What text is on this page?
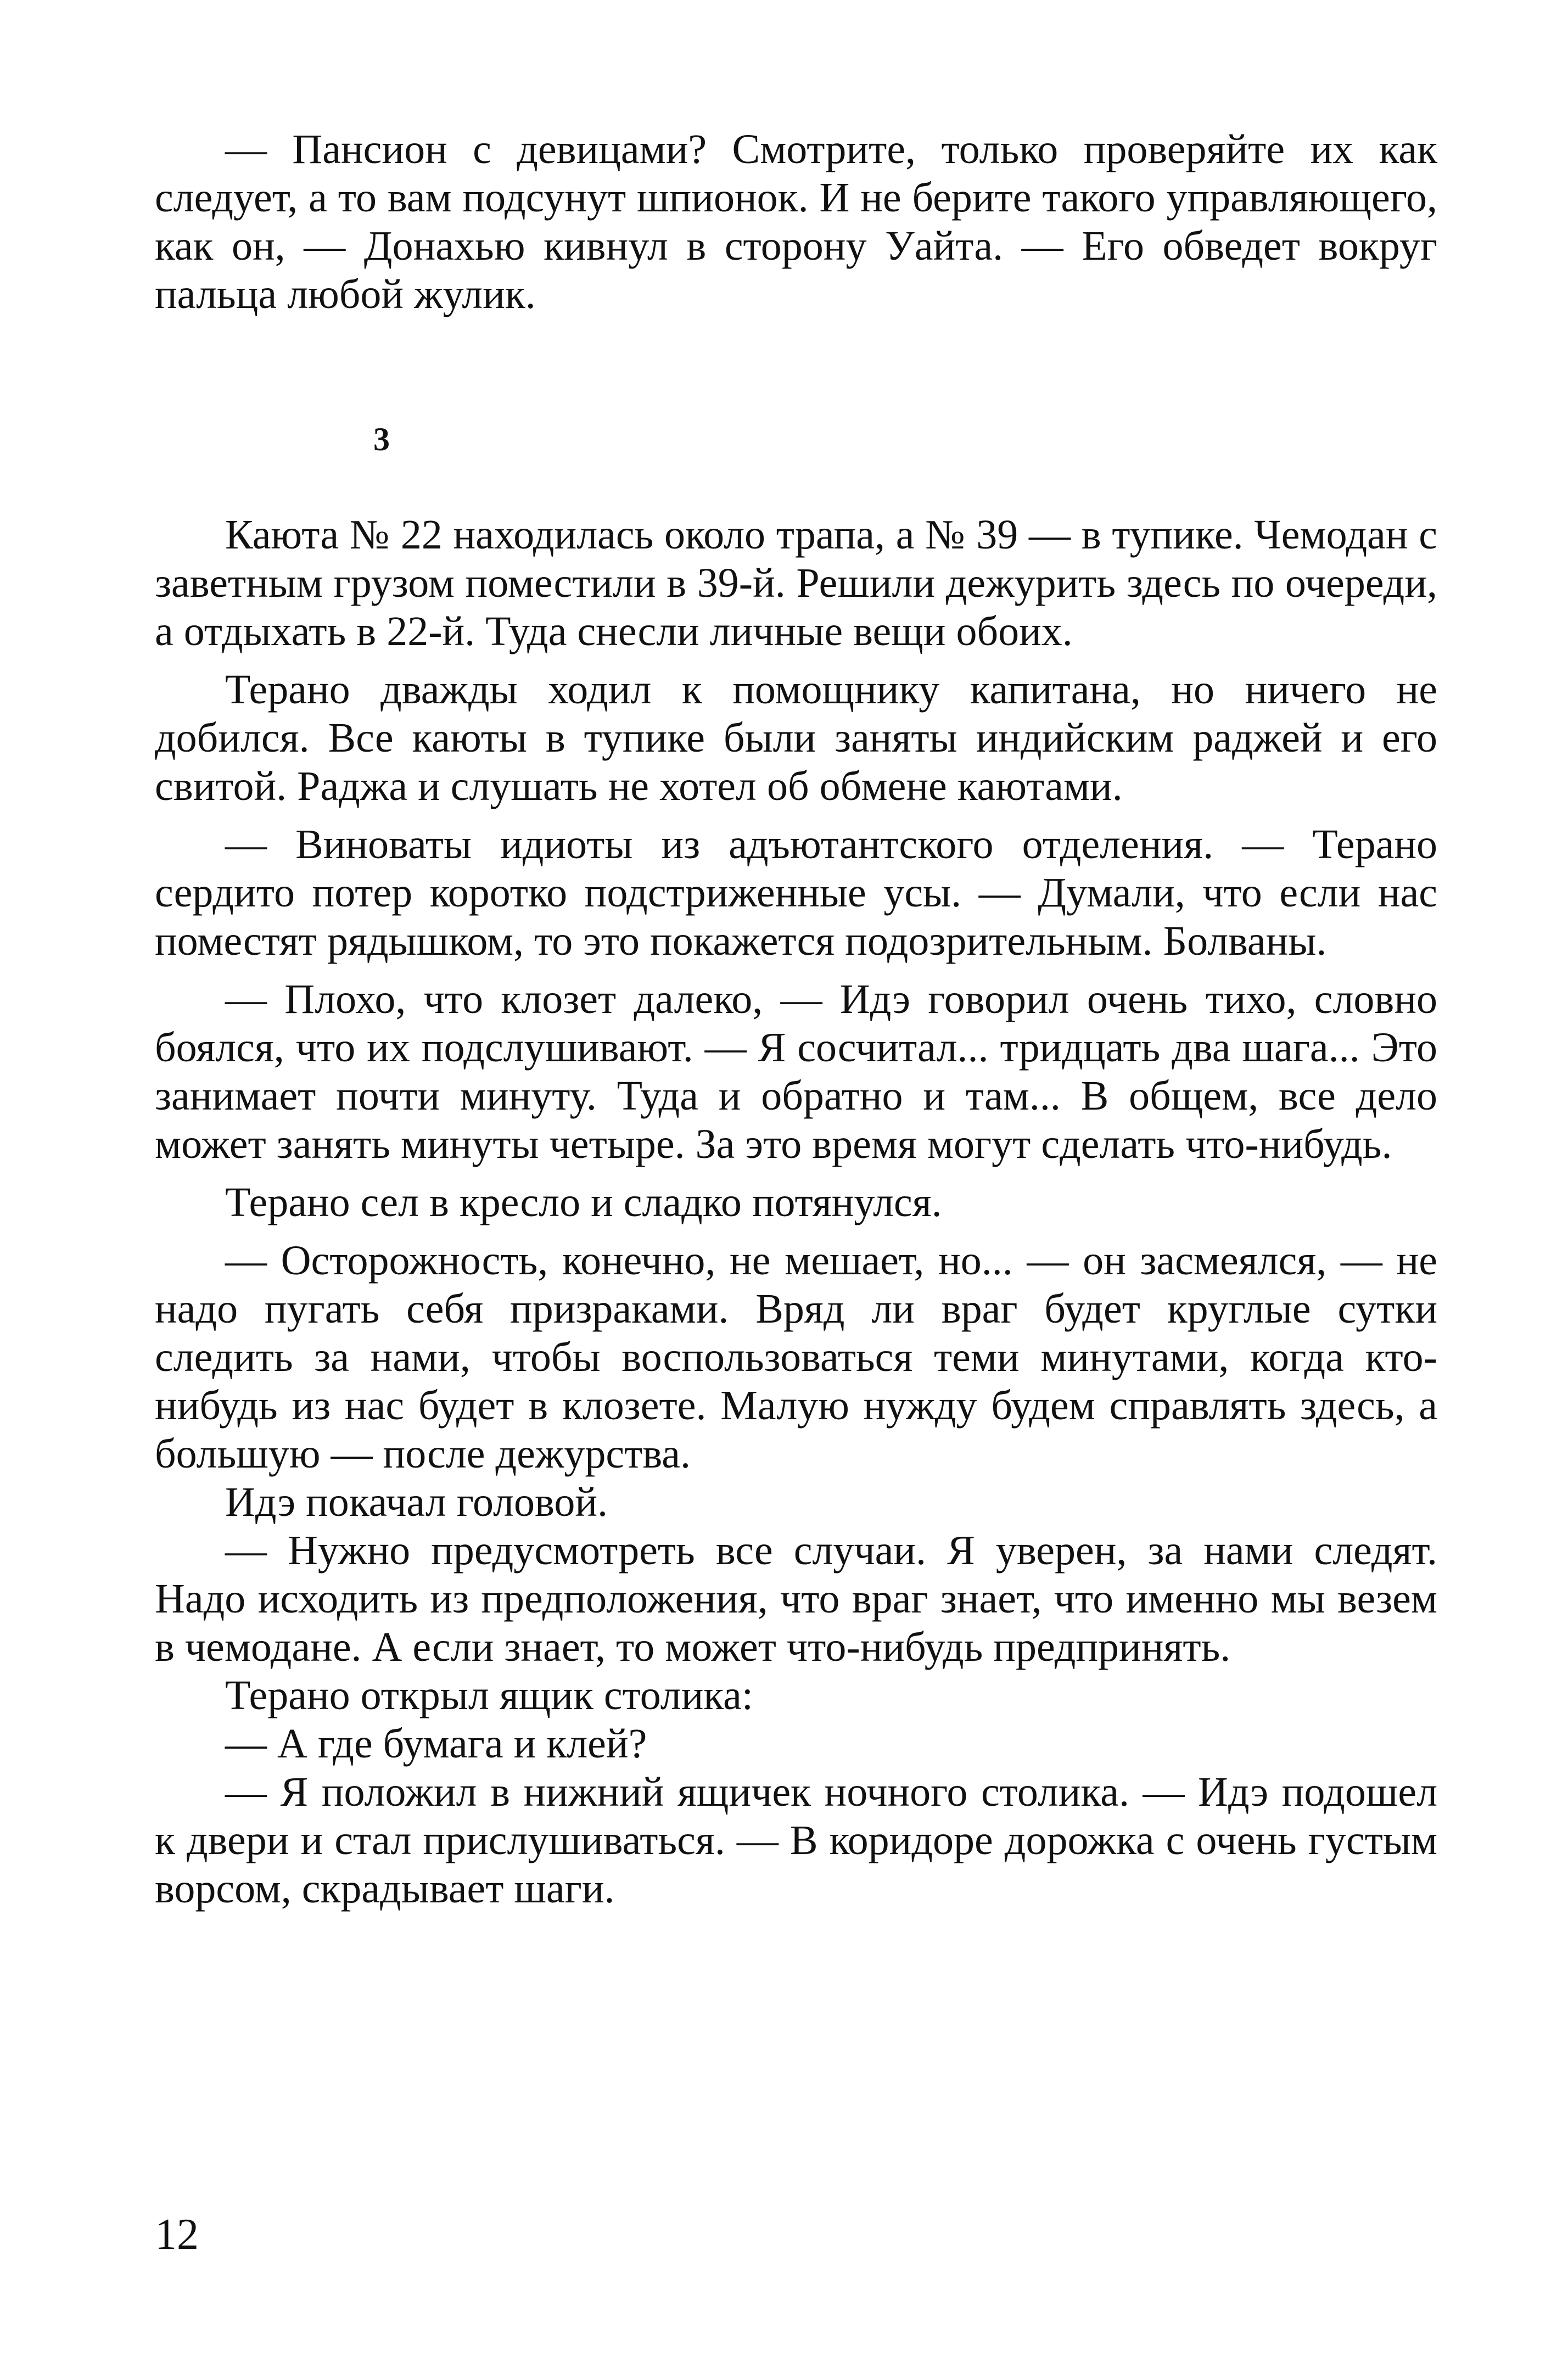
— Пансион с девицами? Смотрите, только проверяйте их как следует, а то вам подсунут шпионок. И не берите такого управляющего, как он, — Донахью кивнул в сторону Уайта. — Его обведет вокруг пальца любой жулик.

3

Каюта № 22 находилась около трапа, а № 39 — в тупике. Чемодан с заветным грузом поместили в 39-й. Решили дежурить здесь по очереди, а отдыхать в 22-й. Туда снесли личные вещи обоих.

Терано дважды ходил к помощнику капитана, но ничего не добился. Все каюты в тупике были заняты индийским раджей и его свитой. Раджа и слушать не хотел об обмене каютами.

— Виноваты идиоты из адъютантского отделения. — Терано сердито потер коротко подстриженные усы. — Думали, что если нас поместят рядышком, то это покажется подозрительным. Болваны.

— Плохо, что клозет далеко, — Идэ говорил очень тихо, словно боялся, что их подслушивают. — Я сосчитал... тридцать два шага... Это занимает почти минуту. Туда и обратно и там... В общем, все дело может занять минуты четыре. За это время могут сделать что-нибудь.

Терано сел в кресло и сладко потянулся.

— Осторожность, конечно, не мешает, но... — он засмеялся, — не надо пугать себя призраками. Вряд ли враг будет круглые сутки следить за нами, чтобы воспользоваться теми минутами, когда кто-нибудь из нас будет в клозете. Малую нужду будем справлять здесь, а большую — после дежурства.

Идэ покачал головой.

— Нужно предусмотреть все случаи. Я уверен, за нами следят. Надо исходить из предположения, что враг знает, что именно мы везем в чемодане. А если знает, то может что-нибудь предпринять.

Терано открыл ящик столика:

— А где бумага и клей?

— Я положил в нижний ящичек ночного столика. — Идэ подошел к двери и стал прислушиваться. — В коридоре дорожка с очень густым ворсом, скрадывает шаги.

12
